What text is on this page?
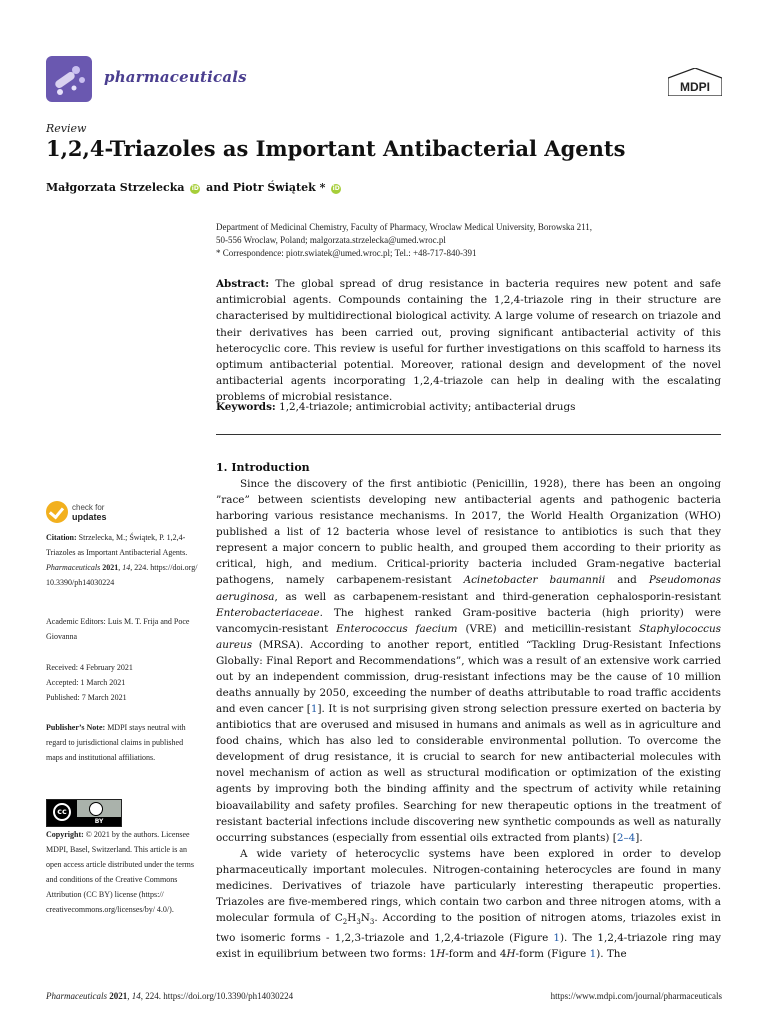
pharmaceuticals
MDPI
Review
1,2,4-Triazoles as Important Antibacterial Agents
Małgorzata Strzelecka iD and Piotr Świątek * iD

Department of Medicinal Chemistry, Faculty of Pharmacy, Wroclaw Medical University, Borowska 211,

50-556 Wroclaw, Poland; malgorzata.strzelecka@umed.wroc.pl

* Correspondence: piotr.swiatek@umed.wroc.pl; Tel.: +48-717-840-391

Abstract: The global spread of drug resistance in bacteria requires new potent and safe antimicrobial agents. Compounds containing the 1,2,4-triazole ring in their structure are characterised by multidirectional biological activity. A large volume of research on triazole and their derivatives has been carried out, proving significant antibacterial activity of this heterocyclic core. This review is useful for further investigations on this scaffold to harness its optimum antibacterial potential. Moreover, rational design and development of the novel antibacterial agents incorporating 1,2,4-triazole can help in dealing with the escalating problems of microbial resistance.

Keywords: 1,2,4-triazole; antimicrobial activity; antibacterial drugs
1. Introduction

Since the discovery of the first antibiotic (Penicillin, 1928), there has been an ongoing ”race” between scientists developing new antibacterial agents and pathogenic bacteria harboring various resistance mechanisms. In 2017, the World Health Organization (WHO) published a list of 12 bacteria whose level of resistance to antibiotics is such that they represent a major concern to public health, and grouped them according to their priority as critical, high, and medium. Critical-priority bacteria included Gram-negative bacterial pathogens, namely carbapenem-resistant Acinetobacter baumannii and Pseudomonas aeruginosa, as well as carbapenem-resistant and third-generation cephalosporin-resistant Enterobacteriaceae. The highest ranked Gram-positive bacteria (high priority) were vancomycin-resistant Enterococcus faecium (VRE) and meticillin-resistant Staphylococcus aureus (MRSA). According to another report, entitled “Tackling Drug-Resistant Infections Globally: Final Report and Recommendations”, which was a result of an extensive work carried out by an independent commission, drug-resistant infections may be the cause of 10 million deaths annually by 2050, exceeding the number of deaths attributable to road traffic accidents and even cancer [1]. It is not surprising given strong selection pressure exerted on bacteria by antibiotics that are overused and misused in humans and animals as well as in agriculture and food chains, which has also led to considerable environmental pollution. To overcome the development of drug resistance, it is crucial to search for new antibacterial molecules with novel mechanism of action as well as structural modification or optimization of the existing agents by improving both the binding affinity and the spectrum of activity while retaining bioavailability and safety profiles. Searching for new therapeutic options in the treatment of resistant bacterial infections include discovering new synthetic compounds as well as naturally occurring substances (especially from essential oils extracted from plants) [2–4].

A wide variety of heterocyclic systems have been explored in order to develop pharmaceutically important molecules. Nitrogen-containing heterocycles are found in many medicines. Derivatives of triazole have particularly interesting therapeutic properties. Triazoles are five-membered rings, which contain two carbon and three nitrogen atoms, with a molecular formula of $C_2H_3N_3$. According to the position of nitrogen atoms, triazoles exist in two isomeric forms - 1,2,3-triazole and 1,2,4-triazole (Figure 1). The 1,2,4-triazole ring may exist in equilibrium between two forms: 1H-form and 4H-form (Figure 1). The

check for
updates

Citation: Strzelecka, M.; Świątek, P. 1,2,4-Triazoles as Important Antibacterial Agents. Pharmaceuticals 2021, 14, 224. https://doi.org/ 10.3390/ph14030224

Academic Editors: Luis M. T. Frija and Poce Giovanna

Received: 4 February 2021

Accepted: 1 March 2021

Published: 7 March 2021

Publisher’s Note: MDPI stays neutral with regard to jurisdictional claims in published maps and institutional affiliations.

cc
BY

Copyright: © 2021 by the authors. Licensee MDPI, Basel, Switzerland. This article is an open access article distributed under the terms and conditions of the Creative Commons Attribution (CC BY) license (https:// creativecommons.org/licenses/by/ 4.0/).

Pharmaceuticals 2021, 14, 224. https://doi.org/10.3390/ph14030224	https://www.mdpi.com/journal/pharmaceuticals
